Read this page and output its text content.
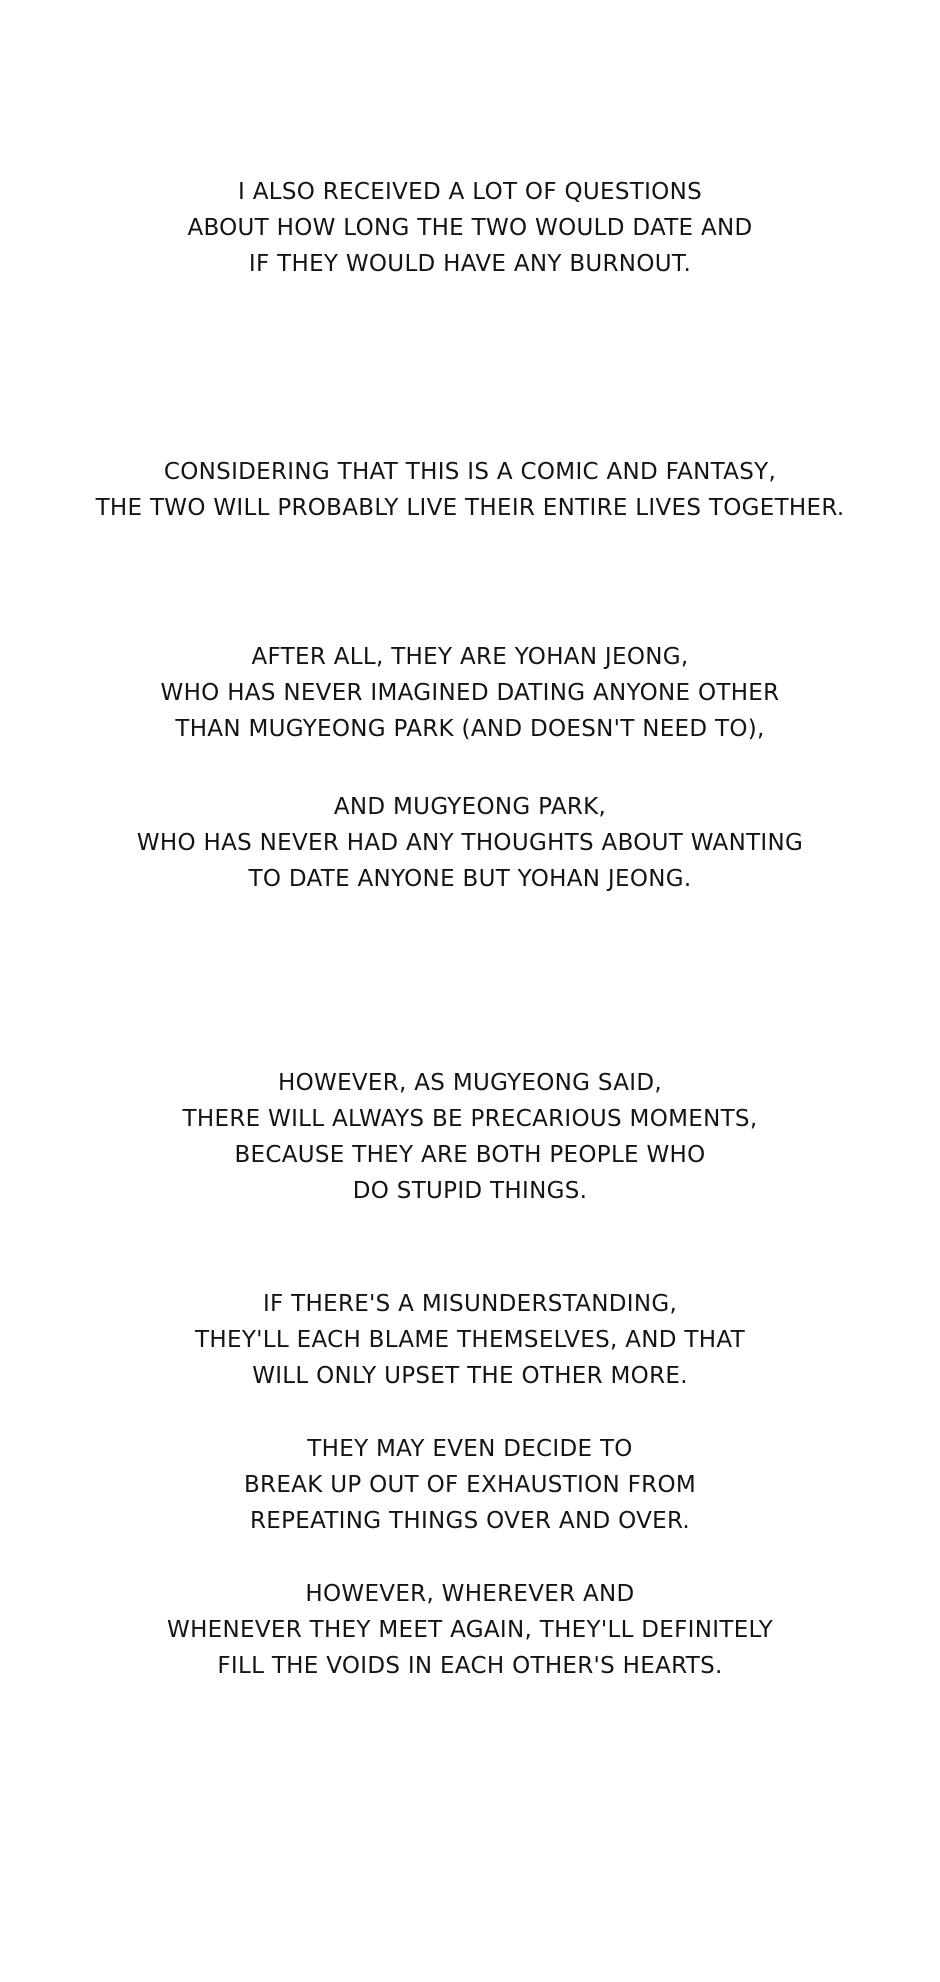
I ALSO RECEIVED A LOT OF QUESTIONS
ABOUT HOW LONG THE TWO WOULD DATE AND
IF THEY WOULD HAVE ANY BURNOUT.
CONSIDERING THAT THIS IS A COMIC AND FANTASY,
THE TWO WILL PROBABLY LIVE THEIR ENTIRE LIVES TOGETHER.
AFTER ALL, THEY ARE YOHAN JEONG,
WHO HAS NEVER IMAGINED DATING ANYONE OTHER
THAN MUGYEONG PARK (AND DOESN'T NEED TO),
AND MUGYEONG PARK,
WHO HAS NEVER HAD ANY THOUGHTS ABOUT WANTING
TO DATE ANYONE BUT YOHAN JEONG.
HOWEVER, AS MUGYEONG SAID,
THERE WILL ALWAYS BE PRECARIOUS MOMENTS,
BECAUSE THEY ARE BOTH PEOPLE WHO
DO STUPID THINGS.
IF THERE'S A MISUNDERSTANDING,
THEY'LL EACH BLAME THEMSELVES, AND THAT
WILL ONLY UPSET THE OTHER MORE.
THEY MAY EVEN DECIDE TO
BREAK UP OUT OF EXHAUSTION FROM
REPEATING THINGS OVER AND OVER.
HOWEVER, WHEREVER AND
WHENEVER THEY MEET AGAIN, THEY'LL DEFINITELY
FILL THE VOIDS IN EACH OTHER'S HEARTS.
